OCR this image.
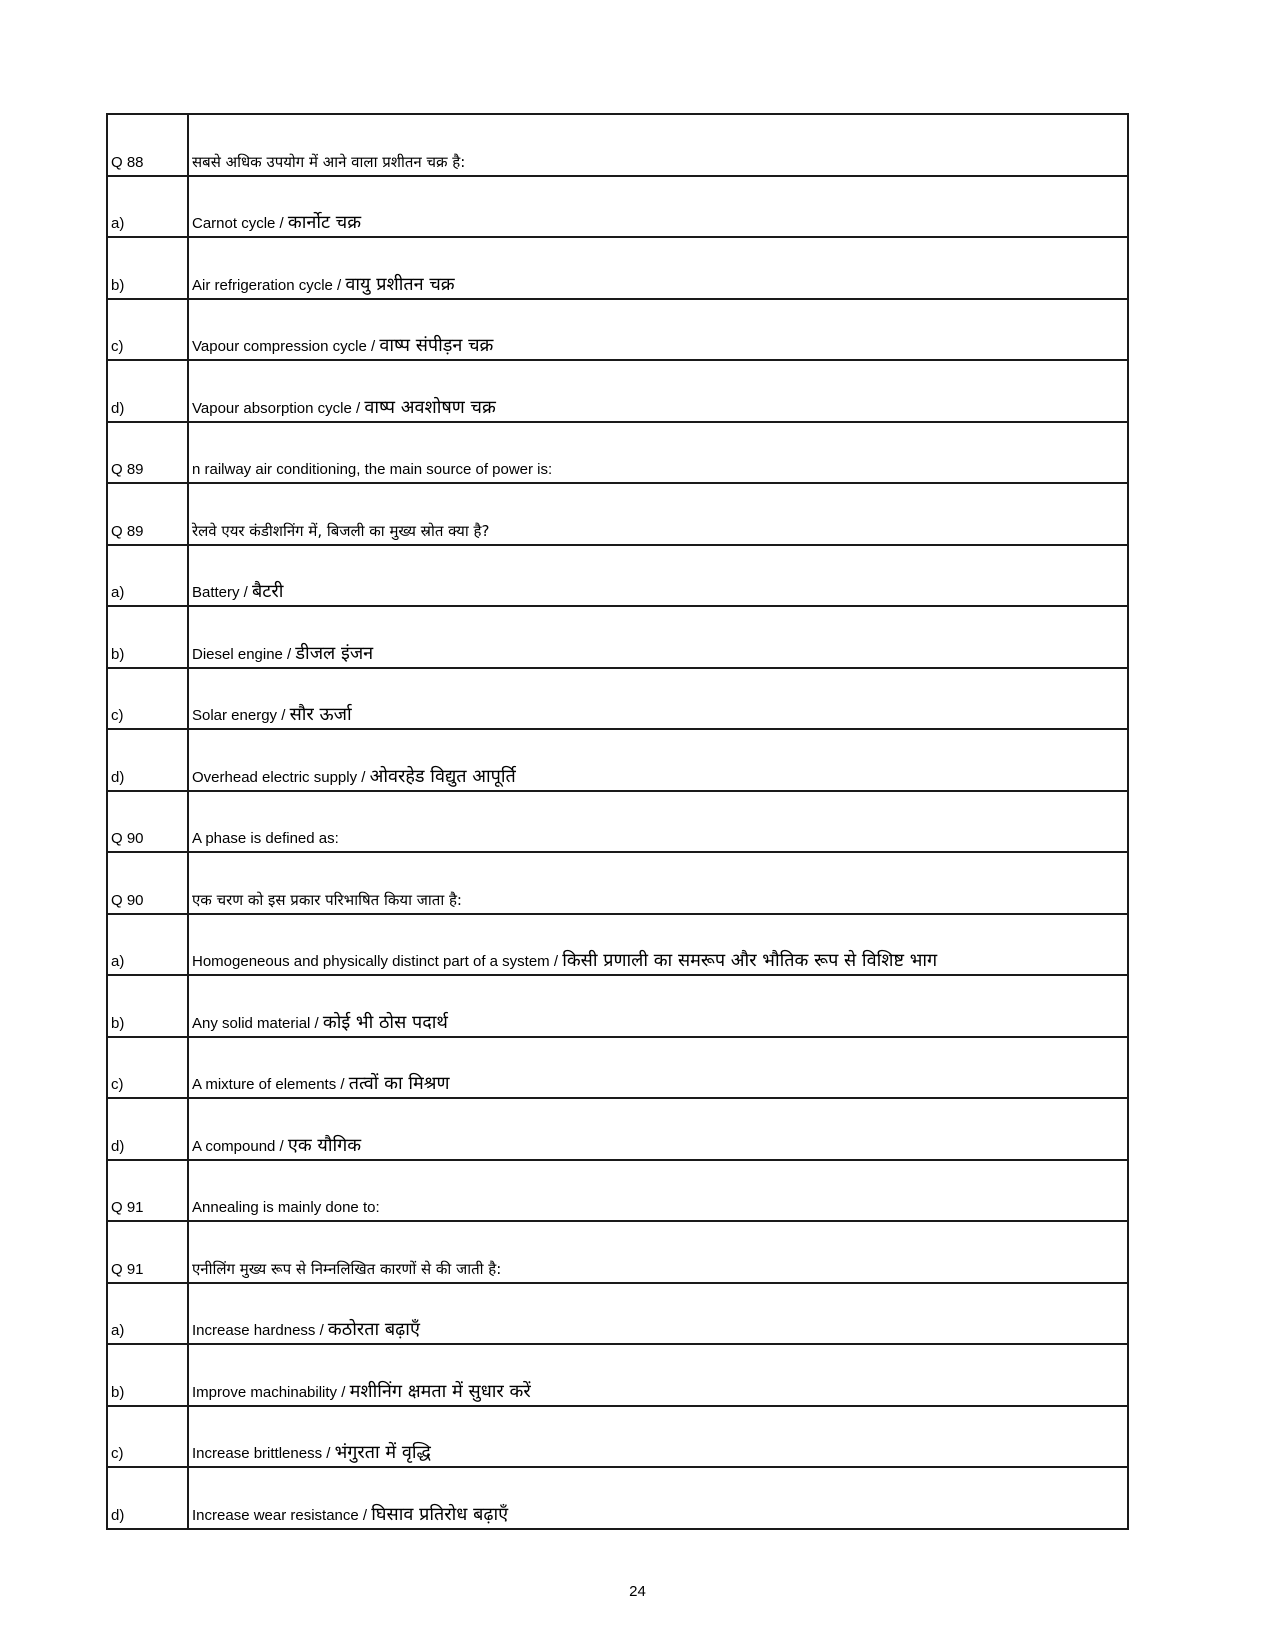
Q 88	सबसे अधिक उपयोग में आने वाला प्रशीतन चक्र है:
a)	Carnot cycle / कार्नोट चक्र
b)	Air refrigeration cycle / वायु प्रशीतन चक्र
c)	Vapour compression cycle / वाष्प संपीड़न चक्र
d)	Vapour absorption cycle / वाष्प अवशोषण चक्र
Q 89	n railway air conditioning, the main source of power is:
Q 89	रेलवे एयर कंडीशनिंग में, बिजली का मुख्य स्रोत क्या है?
a)	Battery / बैटरी
b)	Diesel engine / डीजल इंजन
c)	Solar energy / सौर ऊर्जा
d)	Overhead electric supply / ओवरहेड विद्युत आपूर्ति
Q 90	A phase is defined as:
Q 90	एक चरण को इस प्रकार परिभाषित किया जाता है:
a)	Homogeneous and physically distinct part of a system / किसी प्रणाली का समरूप और भौतिक रूप से विशिष्ट भाग
b)	Any solid material / कोई भी ठोस पदार्थ
c)	A mixture of elements / तत्वों का मिश्रण
d)	A compound / एक यौगिक
Q 91	Annealing is mainly done to:
Q 91	एनीलिंग मुख्य रूप से निम्नलिखित कारणों से की जाती है:
a)	Increase hardness / कठोरता बढ़ाएँ
b)	Improve machinability / मशीनिंग क्षमता में सुधार करें
c)	Increase brittleness / भंगुरता में वृद्धि
d)	Increase wear resistance / घिसाव प्रतिरोध बढ़ाएँ
24
